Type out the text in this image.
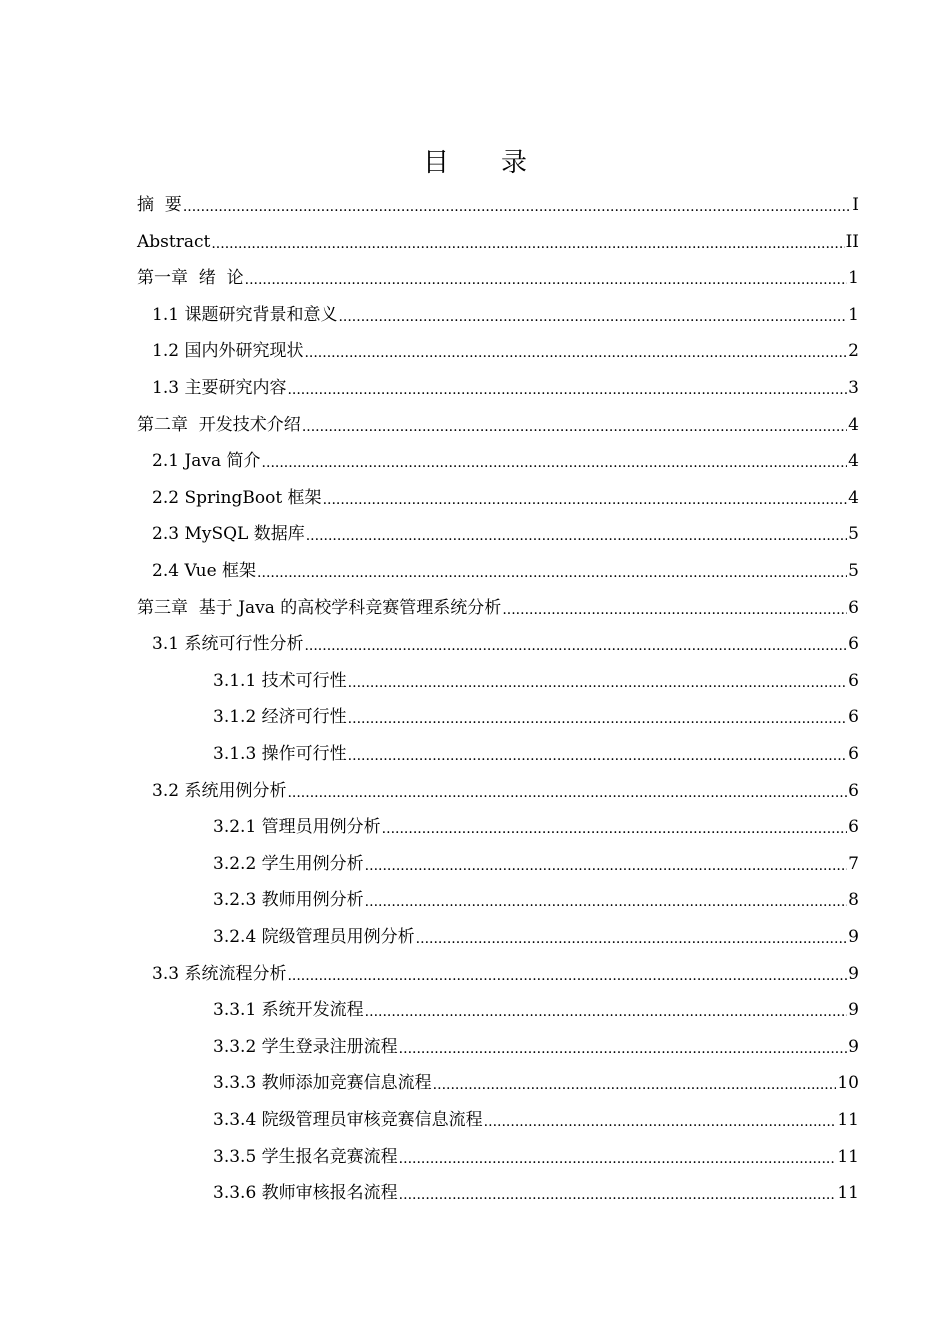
目 录
摘  要 .....	I
Abstract .....	II
第一章  绪  论 .....	1
1.1 课题研究背景和意义 .....	1
1.2 国内外研究现状 .....	2
1.3 主要研究内容 .....	3
第二章  开发技术介绍 .....	4
2.1 Java 简介 .....	4
2.2 SpringBoot 框架 .....	4
2.3 MySQL 数据库 .....	5
2.4 Vue 框架 .....	5
第三章  基于 Java 的高校学科竞赛管理系统分析 .....	6
3.1 系统可行性分析 .....	6
3.1.1 技术可行性 .....	6
3.1.2 经济可行性 .....	6
3.1.3 操作可行性 .....	6
3.2 系统用例分析 .....	6
3.2.1 管理员用例分析 .....	6
3.2.2 学生用例分析 .....	7
3.2.3 教师用例分析 .....	8
3.2.4 院级管理员用例分析 .....	9
3.3 系统流程分析 .....	9
3.3.1 系统开发流程 .....	9
3.3.2 学生登录注册流程 .....	9
3.3.3 教师添加竞赛信息流程 .....	10
3.3.4 院级管理员审核竞赛信息流程 .....	11
3.3.5 学生报名竞赛流程 .....	11
3.3.6 教师审核报名流程 .....	11
